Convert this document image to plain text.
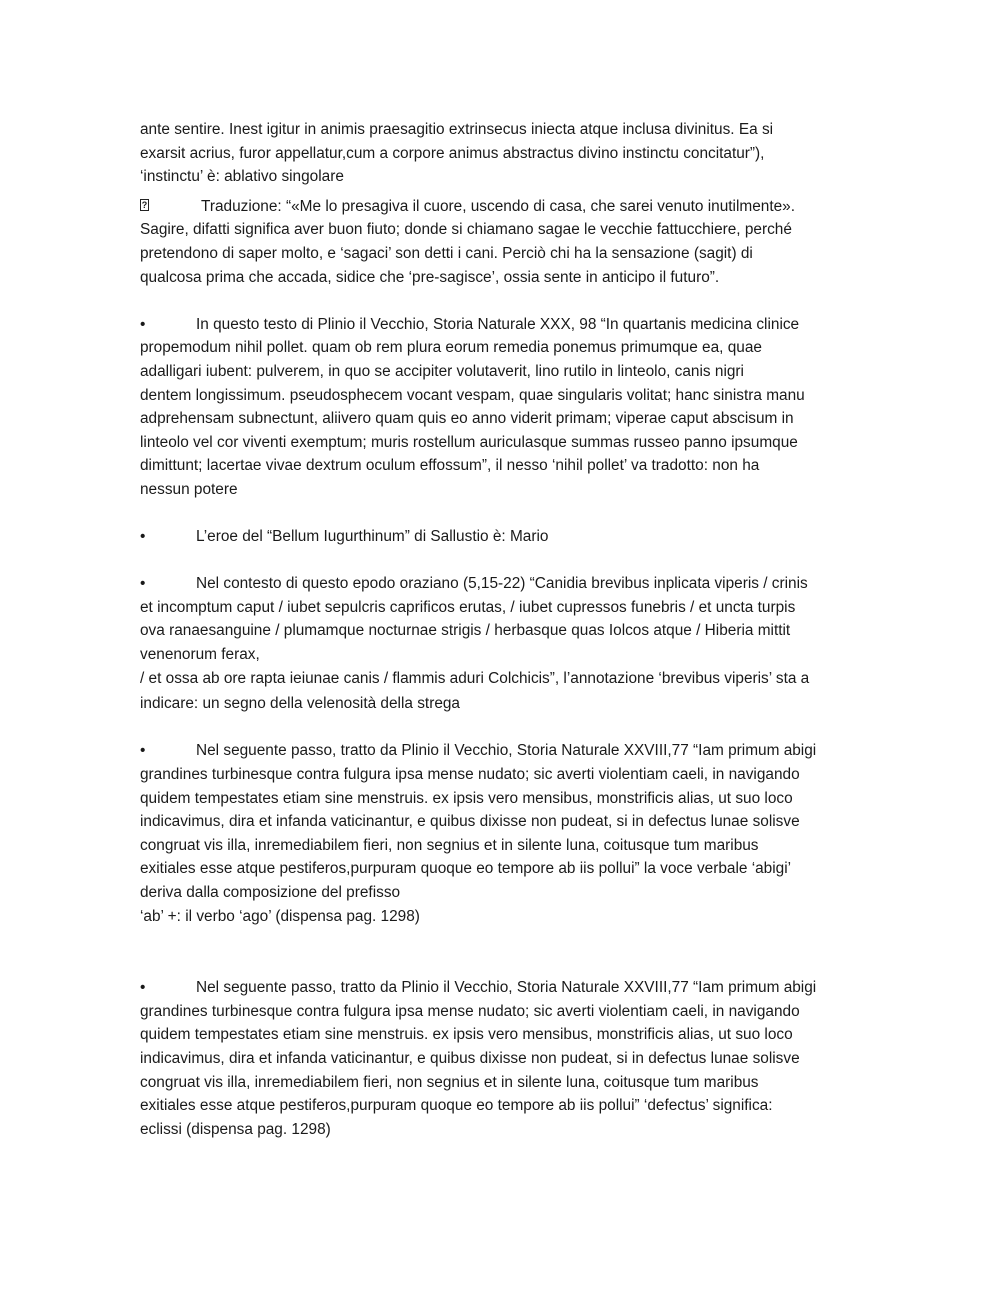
ante sentire. Inest igitur in animis praesagitio extrinsecus iniecta atque inclusa divinitus. Ea si

exarsit acrius, furor appellatur,cum a corpore animus abstractus divino instinctu concitatur”),

‘instinctu’ è: ablativo singolare

?	Traduzione: “«Me lo presagiva il cuore, uscendo di casa, che sarei venuto inutilmente».

Sagire, difatti significa aver buon fiuto; donde si chiamano sagae le vecchie fattucchiere, perché

pretendono di saper molto, e ‘sagaci’ son detti i cani. Perciò chi ha la sensazione (sagit) di

qualcosa prima che accada, sidice che ‘pre-sagisce’, ossia sente in anticipo il futuro”.

•	In questo testo di Plinio il Vecchio, Storia Naturale XXX, 98 “In quartanis medicina clinice

propemodum nihil pollet. quam ob rem plura eorum remedia ponemus primumque ea, quae

adalligari iubent: pulverem, in quo se accipiter volutaverit, lino rutilo in linteolo, canis nigri

dentem longissimum. pseudosphecem vocant vespam, quae singularis volitat; hanc sinistra manu

adprehensam subnectunt, aliivero quam quis eo anno viderit primam; viperae caput abscisum in

linteolo vel cor viventi exemptum; muris rostellum auriculasque summas russeo panno ipsumque

dimittunt; lacertae vivae dextrum oculum effossum”, il nesso ‘nihil pollet’ va tradotto: non ha

nessun potere

•	L’eroe del “Bellum Iugurthinum” di Sallustio è: Mario

•	Nel contesto di questo epodo oraziano (5,15-22) “Canidia brevibus inplicata viperis / crinis

et incomptum caput / iubet sepulcris caprificos erutas, / iubet cupressos funebris / et uncta turpis

ova ranaesanguine / plumamque nocturnae strigis / herbasque quas Iolcos atque / Hiberia mittit

venenorum ferax,

/ et ossa ab ore rapta ieiunae canis / flammis aduri Colchicis”, l’annotazione ‘brevibus viperis’ sta a

indicare: un segno della velenosità della strega

•	Nel seguente passo, tratto da Plinio il Vecchio, Storia Naturale XXVIII,77 “Iam primum abigi

grandines turbinesque contra fulgura ipsa mense nudato; sic averti violentiam caeli, in navigando

quidem tempestates etiam sine menstruis. ex ipsis vero mensibus, monstrificis alias, ut suo loco

indicavimus, dira et infanda vaticinantur, e quibus dixisse non pudeat, si in defectus lunae solisve

congruat vis illa, inremediabilem fieri, non segnius et in silente luna, coitusque tum maribus

exitiales esse atque pestiferos,purpuram quoque eo tempore ab iis pollui” la voce verbale ‘abigi’

deriva dalla composizione del prefisso

‘ab’ +: il verbo ‘ago’ (dispensa pag. 1298)

•	Nel seguente passo, tratto da Plinio il Vecchio, Storia Naturale XXVIII,77 “Iam primum abigi

grandines turbinesque contra fulgura ipsa mense nudato; sic averti violentiam caeli, in navigando

quidem tempestates etiam sine menstruis. ex ipsis vero mensibus, monstrificis alias, ut suo loco

indicavimus, dira et infanda vaticinantur, e quibus dixisse non pudeat, si in defectus lunae solisve

congruat vis illa, inremediabilem fieri, non segnius et in silente luna, coitusque tum maribus

exitiales esse atque pestiferos,purpuram quoque eo tempore ab iis pollui” ‘defectus’ significa:

eclissi (dispensa pag. 1298)
